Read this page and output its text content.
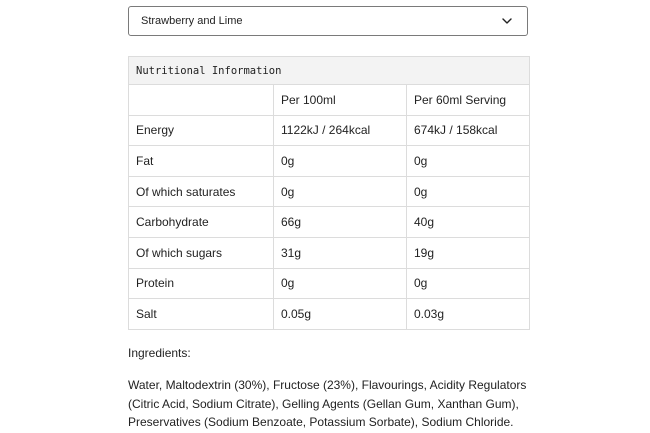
Strawberry and Lime
Nutritional Information		
	Per 100ml	Per 60ml Serving
Energy	1122kJ / 264kcal	674kJ / 158kcal
Fat	0g	0g
Of which saturates	0g	0g
Carbohydrate	66g	40g
Of which sugars	31g	19g
Protein	0g	0g
Salt	0.05g	0.03g
Ingredients:
Water, Maltodextrin (30%), Fructose (23%), Flavourings, Acidity Regulators
(Citric Acid, Sodium Citrate), Gelling Agents (Gellan Gum, Xanthan Gum),
Preservatives (Sodium Benzoate, Potassium Sorbate), Sodium Chloride.
